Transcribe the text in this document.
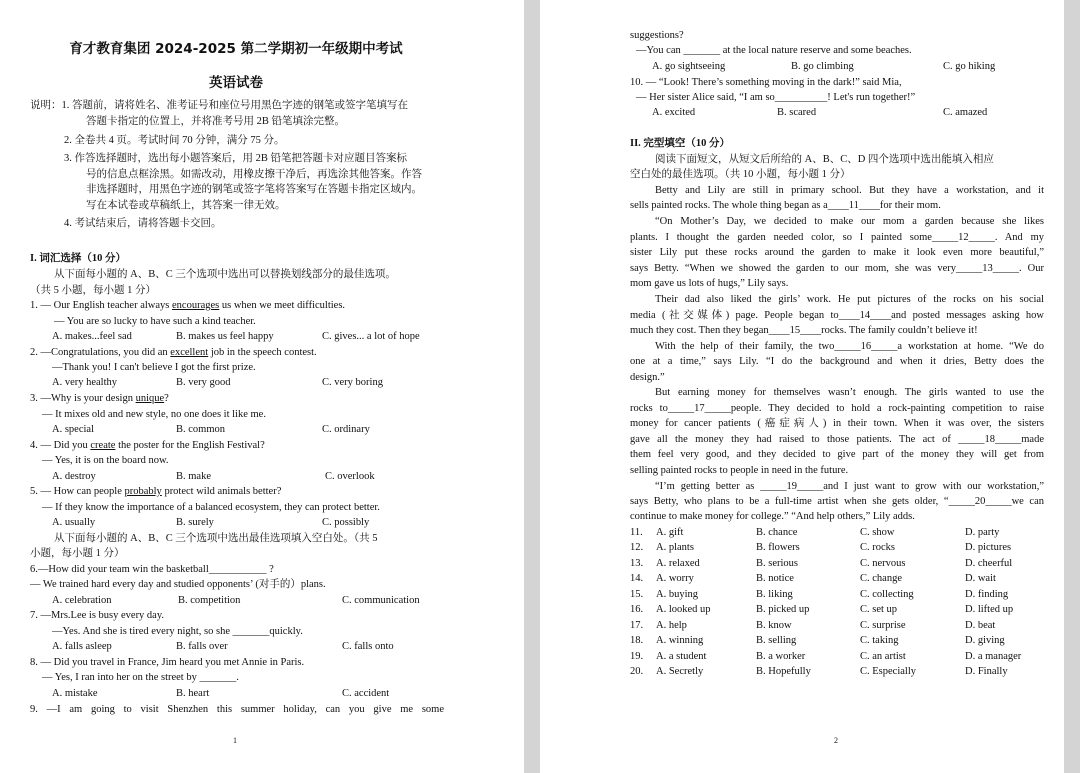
育才教育集团 2024-2025 第二学期初一年级期中考试
英语试卷
说明：1. 答题前，请将姓名、准考证号和座位号用黑色字迹的钢笔或签字笔填写在
答题卡指定的位置上，并将准考号用 2B 铅笔填涂完整。
2. 全卷共 4 页。考试时间 70 分钟，满分 75 分。
3. 作答选择题时，选出每小题答案后，用 2B 铅笔把答题卡对应题目答案标
号的信息点框涂黑。如需改动，用橡皮擦干净后，再选涂其他答案。作答
非选择题时，用黑色字迹的钢笔或签字笔将答案写在答题卡指定区域内。
写在本试卷或草稿纸上，其答案一律无效。
4. 考试结束后，请将答题卡交回。
I. 词汇选择（10 分）
从下面每小题的 A、B、C 三个选项中选出可以替换划线部分的最佳选项。
（共 5 小题，每小题 1 分）
1. — Our English teacher always encourages us when we meet difficulties.
— You are so lucky to have such a kind teacher.
A. makes...feel sad	B. makes us feel happy	C. gives... a lot of hope
2. —Congratulations, you did an excellent job in the speech contest.
—Thank you! I can't believe I got the first prize.
A. very healthy	B. very good	C. very boring
3. —Why is your design unique?
— It mixes old and new style, no one does it like me.
A. special	B. common	C. ordinary
4. — Did you create the poster for the English Festival?
— Yes, it is on the board now.
A. destroy	B. make	C. overlook
5. — How can people probably protect wild animals better?
— If they know the importance of a balanced ecosystem, they can protect better.
A. usually	B. surely	C. possibly
从下面每小题的 A、B、C 三个选项中选出最佳选项填入空白处。（共 5
小题，每小题 1 分）
6.—How did your team win the basketball___________ ?
— We trained hard every day and studied opponents’ (对手的）plans.
A. celebration	B. competition	C. communication
7. —Mrs.Lee is busy every day.
—Yes. And she is tired every night, so she _______quickly.
A. falls asleep	B. falls over	C. falls onto
8. — Did you travel in France, Jim heard you met Annie in Paris.
— Yes, I ran into her on the street by _______.
A. mistake	B. heart	C. accident
9. —I am going to visit Shenzhen this summer holiday, can you give me some
1
suggestions?
—You can _______ at the local nature reserve and some beaches.
A. go sightseeing	B. go climbing	C. go hiking
10. — “Look! There’s something moving in the dark!” said Mia,
— Her sister Alice said, “I am so__________! Let's run together!”
A. excited	B. scared	C. amazed
II. 完型填空（10 分）
阅读下面短文，从短文后所给的 A、B、C、D 四个选项中选出能填入相应
空白处的最佳选项。（共 10 小题，每小题 1 分）
Betty and Lily are still in primary school. But they have a workstation, and it
sells painted rocks. The whole thing began as a____11____for their mom.
“On Mother’s Day, we decided to make our mom a garden because she likes
plants. I thought the garden needed color, so I painted some_____12_____. And my
sister Lily put these rocks around the garden to make it look even more beautiful,”
says Betty. “When we showed the garden to our mom, she was very_____13_____. Our
mom gave us lots of hugs,” Lily says.
Their dad also liked the girls’ work. He put pictures of the rocks on his social
media (社交媒体) page. People began to____14____and posted messages asking how
much they cost. Then they began____15____rocks. The family couldn’t believe it!
With the help of their family, the two_____16_____a workstation at home. “We do
one at a time,” says Lily. “I do the background and when it dries, Betty does the
design.”
But earning money for themselves wasn’t enough. The girls wanted to use the
rocks to_____17_____people. They decided to hold a rock-painting competition to raise
money for cancer patients (癌症病人) in their town. When it was over, the sisters
gave all the money they had raised to those patients. The act of _____18_____made
them feel very good, and they decided to give part of the money they will get from
selling painted rocks to people in need in the future.
“I’m getting better as _____19_____and I just want to grow with our workstation,”
says Betty, who plans to be a full-time artist when she gets older, “_____20_____we can
continue to make money for college.” “And help others,” Lily adds.
11. A. gift	B. chance	C. show	D. party
12. A. plants	B. flowers	C. rocks	D. pictures
13. A. relaxed	B. serious	C. nervous	D. cheerful
14. A. worry	B. notice	C. change	D. wait
15. A. buying	B. liking	C. collecting	D. finding
16. A. looked up	B. picked up	C. set up	D. lifted up
17. A. help	B. know	C. surprise	D. beat
18. A. winning	B. selling	C. taking	D. giving
19. A. a student	B. a worker	C. an artist	D. a manager
20. A. Secretly	B. Hopefully	C. Especially	D. Finally
2
